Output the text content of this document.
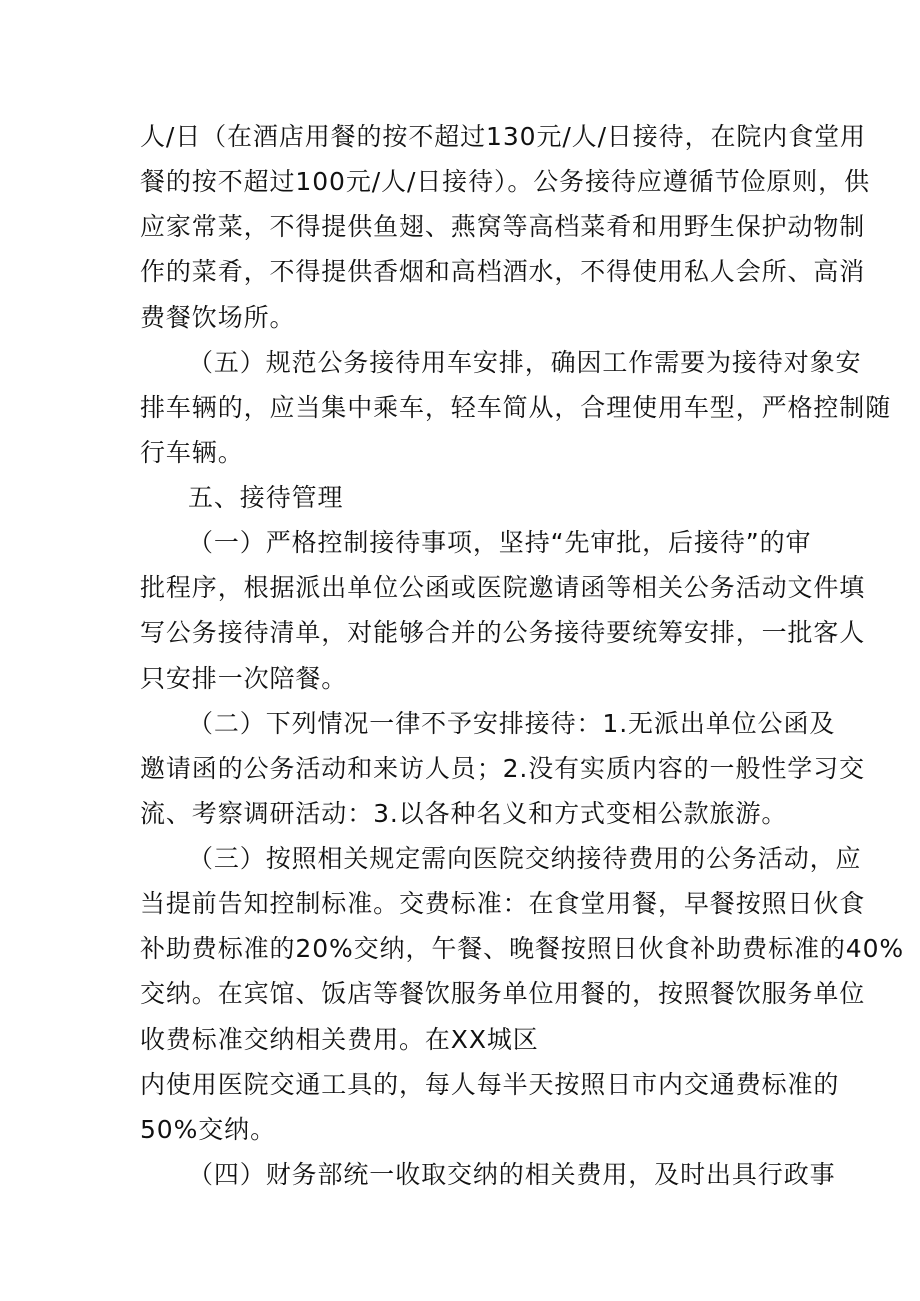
人/日（在酒店用餐的按不超过130元/人/日接待，在院内食堂用
餐的按不超过100元/人/日接待）。公务接待应遵循节俭原则，供
应家常菜，不得提供鱼翅、燕窝等高档菜肴和用野生保护动物制
作的菜肴，不得提供香烟和高档酒水，不得使用私人会所、高消
费餐饮场所。
（五）规范公务接待用车安排，确因工作需要为接待对象安
排车辆的，应当集中乘车，轻车简从，合理使用车型，严格控制随
行车辆。
五、接待管理
（一）严格控制接待事项，坚持“先审批，后接待”的审
批程序，根据派出单位公函或医院邀请函等相关公务活动文件填
写公务接待清单，对能够合并的公务接待要统筹安排，一批客人
只安排一次陪餐。
（二）下列情况一律不予安排接待：1.无派出单位公函及
邀请函的公务活动和来访人员；2.没有实质内容的一般性学习交
流、考察调研活动：3.以各种名义和方式变相公款旅游。
（三）按照相关规定需向医院交纳接待费用的公务活动，应
当提前告知控制标准。交费标准：在食堂用餐，早餐按照日伙食
补助费标准的20%交纳，午餐、晚餐按照日伙食补助费标准的40%
交纳。在宾馆、饭店等餐饮服务单位用餐的，按照餐饮服务单位
收费标准交纳相关费用。在XX城区
内使用医院交通工具的，每人每半天按照日市内交通费标准的
50%交纳。
（四）财务部统一收取交纳的相关费用，及时出具行政事
